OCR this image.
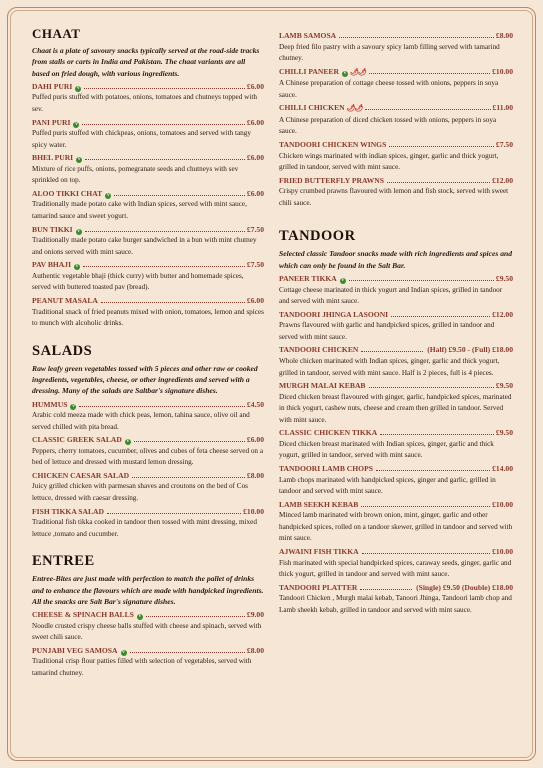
CHAAT
Chaat is a plate of savoury snacks typically served at the road-side tracks from stalls or carts in India and Pakistan. The chaat variants are all based on fried dough, with various ingredients.
DAHI PURI v	£6.00
Puffed puris stuffed with potatoes, onions, tomatoes and chutneys topped with sev.
PANI PURI v	£6.00
Puffed puris stuffed with chickpeas, onions, tomatoes and served with tangy spicy water.
BHEL PURI v	£6.00
Mixture of rice puffs, onions, pomegranate seeds and chutneys with sev sprinkled on top.
ALOO TIKKI CHAT v	£6.00
Traditionally made potato cake with Indian spices, served with mint sauce, tamarind sauce and sweet yogurt.
BUN TIKKI v	£7.50
Traditionally made potato cake burger sandwiched in a bun with mint chutney and onions served with mint sauce.
PAV BHAJI v	£7.50
Authentic vegetable bhaji (thick curry) with butter and homemade spices, served with buttered toasted pav (bread).
PEANUT MASALA	£6.00
Traditional snack of fried peanuts mixed with onion, tomatoes, lemon and spices to munch with alcoholic drinks.
SALADS
Raw leafy green vegetables tossed with 5 pieces and other raw or cooked ingredients, vegetables, cheese, or other ingredients and served with a dressing. Many of the salads are Saltbar's signature dishes.
HUMMUS v	£4.50
Arabic cold meeza made with chick peas, lemon, tahina sauce, olive oil and served chilled with pita bread.
CLASSIC GREEK SALAD v	£6.00
Peppers, cherry tomatoes, cucumber, olives and cubes of feta cheese served on a bed of lettuce and dressed with mustard lemon dressing.
CHICKEN CAESAR SALAD	£8.00
Juicy grilled chicken with parmesan shaves and croutons on the bed of Cos lettuce, dressed with caesar dressing.
FISH TIKKA SALAD	£10.00
Traditional fish tikka cooked in tandoor then tossed with mint dressing, mixed lettuce ,tomato and cucumber.
ENTREE
Entree-Bites are just made with perfection to match the pallet of drinks and to enhance the flavours which are made with handpicked ingredients. All the snacks are Salt Bar's signature dishes.
CHEESE & SPINACH BALLS v	£9.00
Noodle crusted crispy cheese balls stuffed with cheese and spinach, served with sweet chili sauce.
PUNJABI VEG SAMOSA v	£8.00
Traditional crisp flour patties filled with selection of vegetables, served with tamarind chutney.
LAMB SAMOSA	£8.00
Deep fried filo pastry with a savoury spicy lamb filling served with tamarind chutney.
CHILLI PANEER v 🌶🌶	£10.00
A Chinese preparation of cottage cheese tossed with onions, peppers in soya sauce.
CHILLI CHICKEN 🌶🌶	£11.00
A Chinese preparation of diced chicken tossed with onions, peppers in soya sauce.
TANDOORI CHICKEN WINGS	£7.50
Chicken wings marinated with indian spices, ginger, garlic and thick yogurt, grilled in tandoor, served with mint sauce.
FRIED BUTTERFLY PRAWNS	£12.00
Crispy crumbed prawns flavoured with lemon and fish stock, served with sweet chili sauce.
TANDOOR
Selected classic Tandoor snacks made with rich ingredients and spices and which can only be found in the Salt Bar.
PANEER TIKKA v	£9.50
Cottage cheese marinated in thick yogurt and Indian spices, grilled in tandoor and served with mint sauce.
TANDOORI JHINGA LASOONI	£12.00
Prawns flavoured with garlic and handpicked spices, grilled in tandoor and served with mint sauce.
TANDOORI CHICKEN	(Half) £9.50 - (Full) £18.00
Whole chicken marinated with Indian spices, ginger, garlic and thick yogurt, grilled in tandoor, served with mint sauce. Half is 2 pieces, full is 4 pieces.
MURGH MALAI KEBAB	£9.50
Diced chicken breast flavoured with ginger, garlic, handpicked spices, marinated in thick yogurt, cashew nuts, cheese and cream then grilled in tandoor. Served with mint sauce.
CLASSIC CHICKEN TIKKA	£9.50
Diced chicken breast marinated with Indian spices, ginger, garlic and thick yogurt, grilled in tandoor, served with mint sauce.
TANDOORI LAMB CHOPS	£14.00
Lamb chops marinated with handpicked spices, ginger and garlic, grilled in tandoor and served with mint sauce.
LAMB SEEKH KEBAB	£10.00
Minced lamb marinated with brown onion, mint, ginger, garlic and other handpicked spices, rolled on a tandoor skewer, grilled in tandoor and served with mint sauce.
AJWAINI FISH TIKKA	£10.00
Fish marinated with special handpicked spices, caraway seeds, ginger, garlic and thick yogurt, grilled in tandoor and served with mint sauce.
TANDOORI PLATTER	(Single) £9.50 (Double) £18.00
Tandoori Chicken , Murgh malai kebab, Tanoori Jhinga, Tandoori lamb chop and Lamb sheekh kebab, grilled in tandoor and served with mint sauce.
